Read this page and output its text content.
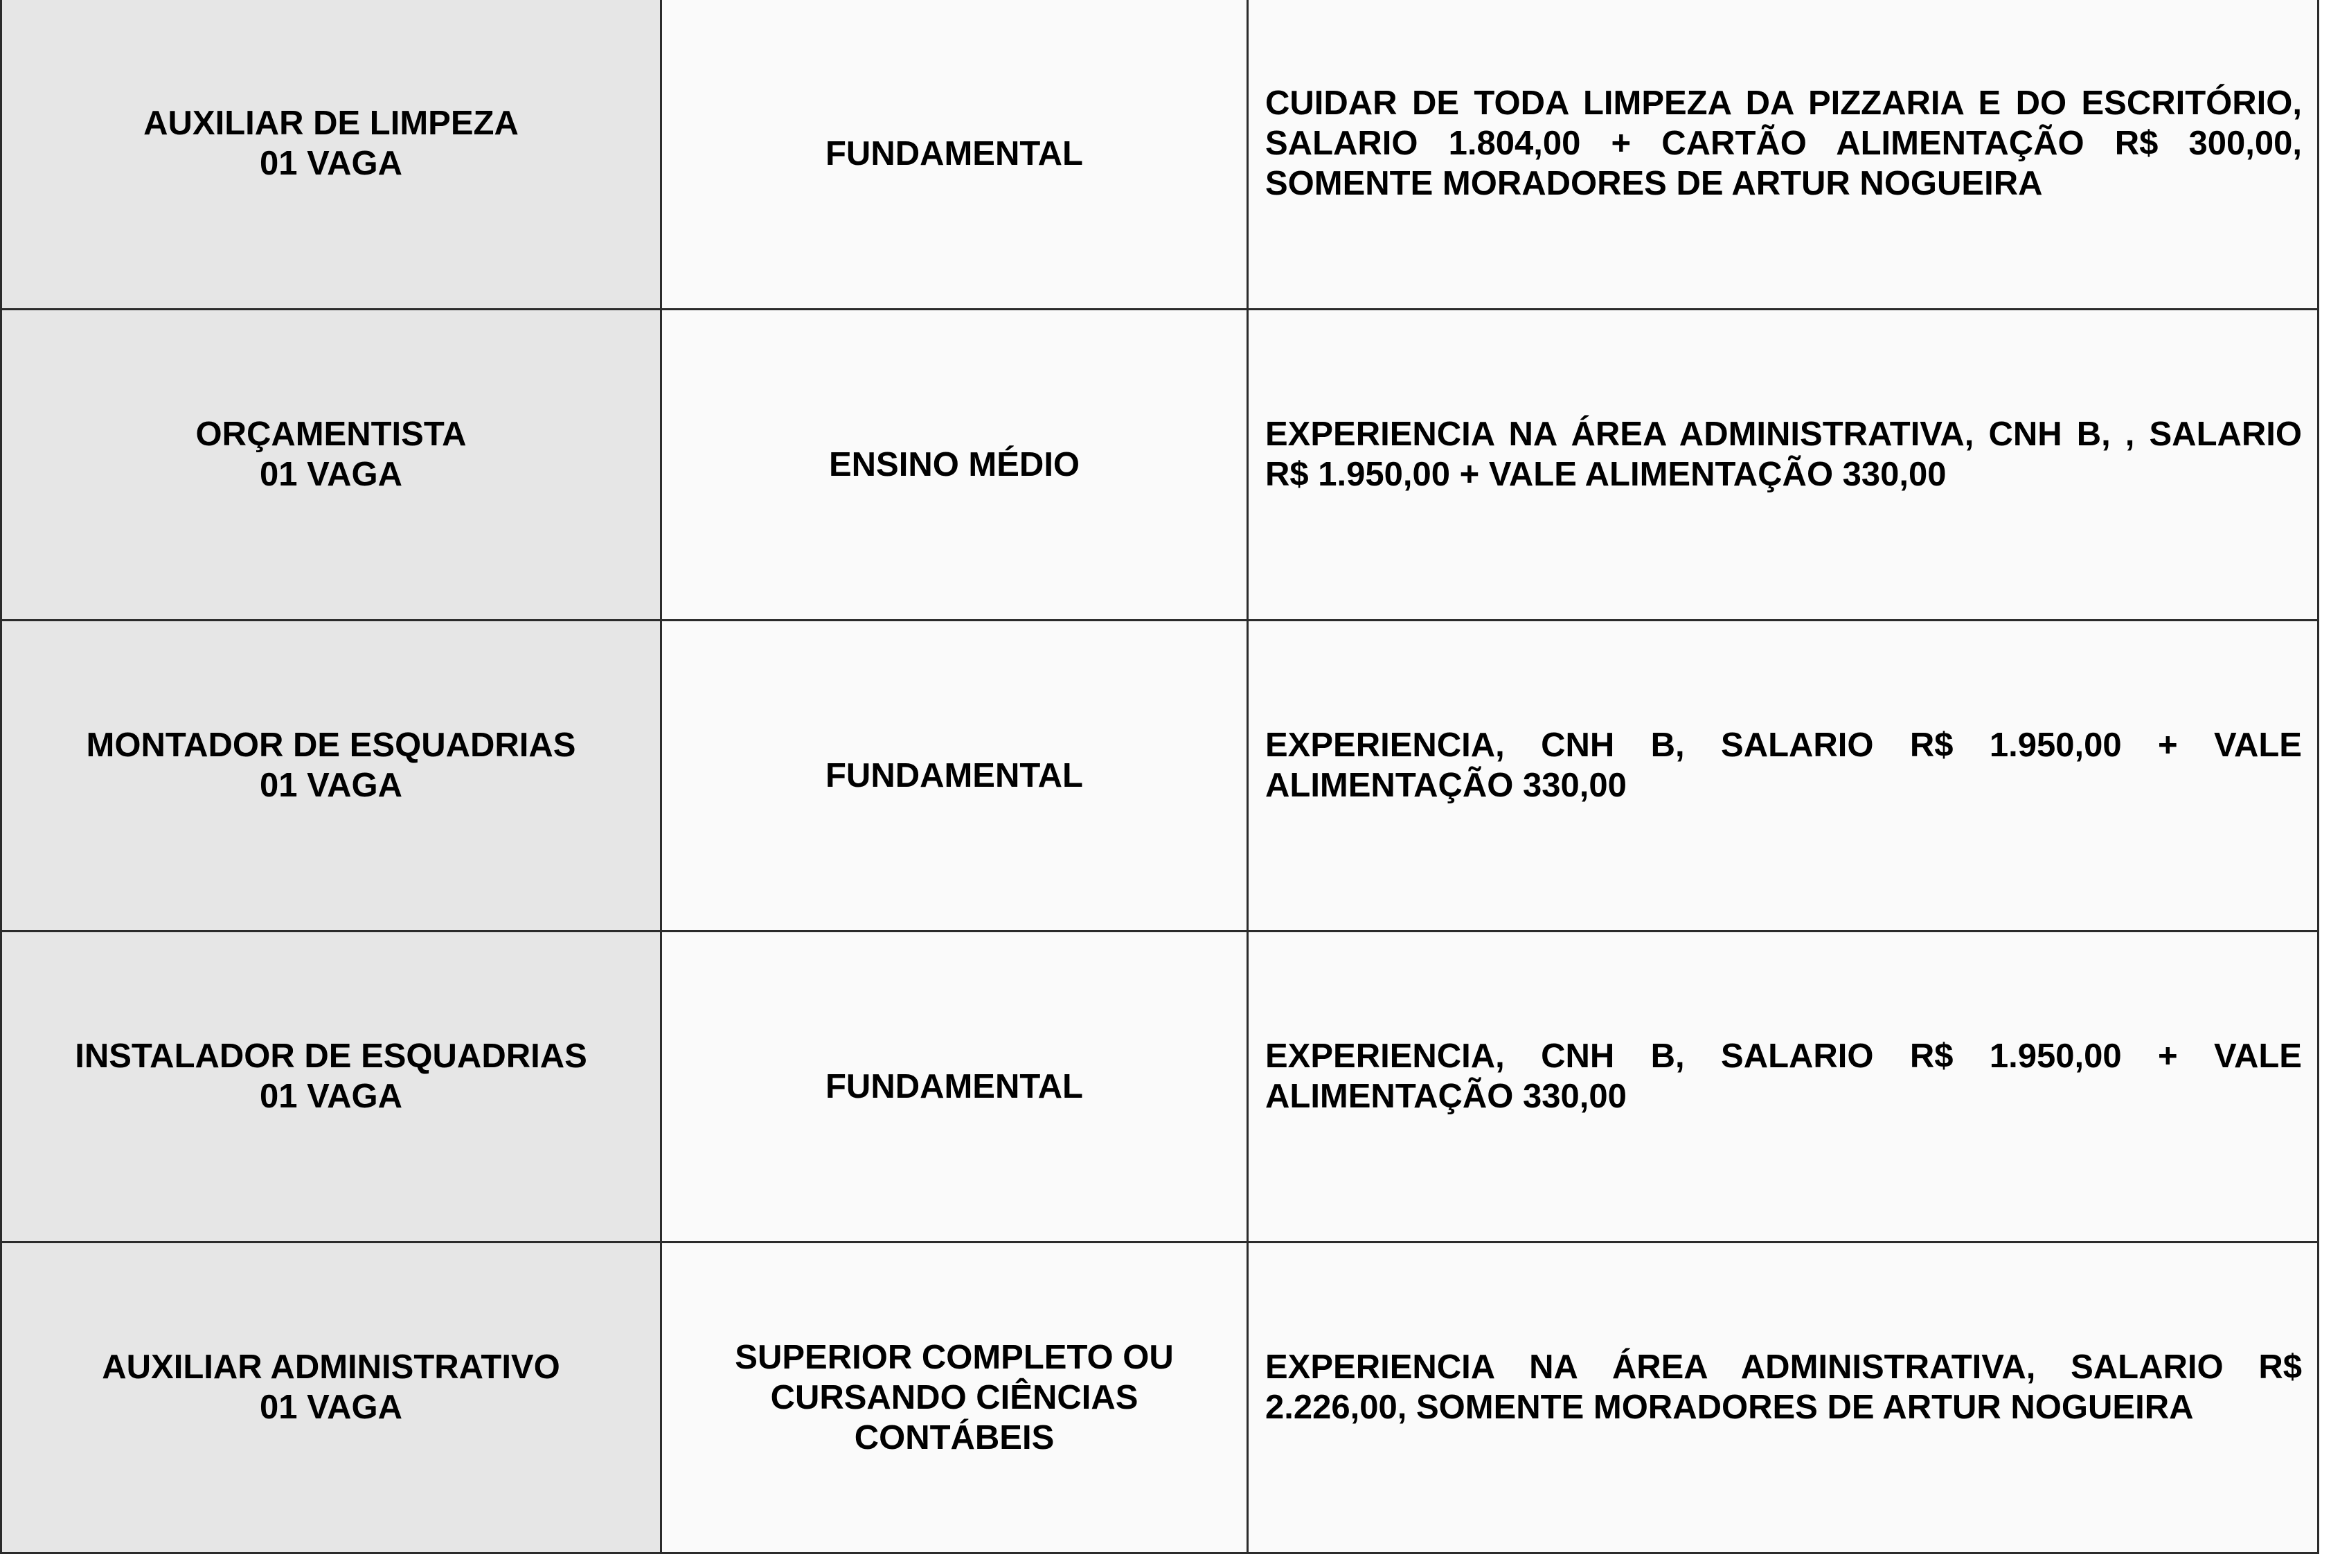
AUXILIAR DE LIMPEZA
01 VAGA	FUNDAMENTAL	CUIDAR DE TODA LIMPEZA DA PIZZARIA E DO ESCRITÓRIO, SALARIO 1.804,00 + CARTÃO ALIMENTAÇÃO R$ 300,00, SOMENTE MORADORES DE ARTUR NOGUEIRA

ORÇAMENTISTA
01 VAGA	ENSINO MÉDIO	EXPERIENCIA NA ÁREA ADMINISTRATIVA, CNH B, , SALARIO R$ 1.950,00 + VALE ALIMENTAÇÃO 330,00

MONTADOR DE ESQUADRIAS
01 VAGA	FUNDAMENTAL	EXPERIENCIA, CNH B, SALARIO R$ 1.950,00 + VALE ALIMENTAÇÃO 330,00

INSTALADOR DE ESQUADRIAS
01 VAGA	FUNDAMENTAL	EXPERIENCIA, CNH B, SALARIO R$ 1.950,00 + VALE ALIMENTAÇÃO 330,00

AUXILIAR ADMINISTRATIVO
01 VAGA	SUPERIOR COMPLETO OU CURSANDO CIÊNCIAS CONTÁBEIS	EXPERIENCIA NA ÁREA ADMINISTRATIVA, SALARIO R$ 2.226,00, SOMENTE MORADORES DE ARTUR NOGUEIRA
